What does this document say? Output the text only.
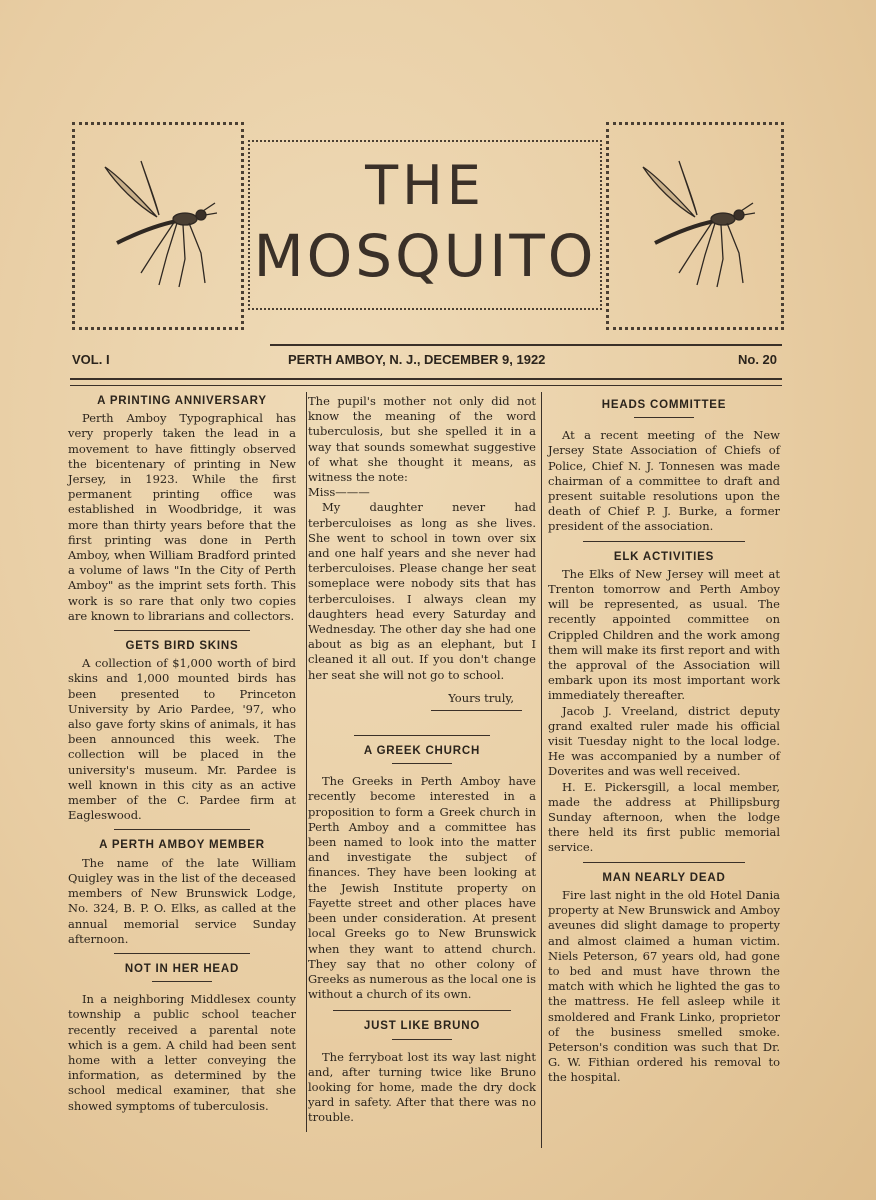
THE
MOSQUITO
VOL. I	PERTH AMBOY, N. J., DECEMBER 9, 1922	No. 20
A PRINTING ANNIVERSARY

Perth Amboy Typographical has very properly taken the lead in a movement to have fittingly observed the bicentenary of printing in New Jersey, in 1923. While the first permanent printing office was established in Woodbridge, it was more than thirty years before that the first printing was done in Perth Amboy, when William Bradford printed a volume of laws "In the City of Perth Amboy" as the imprint sets forth. This work is so rare that only two copies are known to librarians and collectors.

GETS BIRD SKINS

A collection of $1,000 worth of bird skins and 1,000 mounted birds has been presented to Princeton University by Ario Pardee, '97, who also gave forty skins of animals, it has been announced this week. The collection will be placed in the university's museum. Mr. Pardee is well known in this city as an active member of the C. Pardee firm at Eagleswood.

A PERTH AMBOY MEMBER

The name of the late William Quigley was in the list of the deceased members of New Brunswick Lodge, No. 324, B. P. O. Elks, as called at the annual memorial service Sunday afternoon.

NOT IN HER HEAD

In a neighboring Middlesex county township a public school teacher recently received a parental note which is a gem. A child had been sent home with a letter conveying the information, as determined by the school medical examiner, that she showed symptoms of tuberculosis.

The pupil's mother not only did not know the meaning of the word tuberculosis, but she spelled it in a way that sounds somewhat suggestive of what she thought it means, as witness the note:

Miss———

My daughter never had terberculoises as long as she lives. She went to school in town over six and one half years and she never had terberculoises. Please change her seat someplace were nobody sits that has terberculoises. I always clean my daughters head every Saturday and Wednesday. The other day she had one about as big as an elephant, but I cleaned it all out. If you don't change her seat she will not go to school.

Yours truly,
A GREEK CHURCH

The Greeks in Perth Amboy have recently become interested in a proposition to form a Greek church in Perth Amboy and a committee has been named to look into the matter and investigate the subject of finances. They have been looking at the Jewish Institute property on Fayette street and other places have been under consideration. At present local Greeks go to New Brunswick when they want to attend church. They say that no other colony of Greeks as numerous as the local one is without a church of its own.

JUST LIKE BRUNO

The ferryboat lost its way last night and, after turning twice like Bruno looking for home, made the dry dock yard in safety. After that there was no trouble.

HEADS COMMITTEE

At a recent meeting of the New Jersey State Association of Chiefs of Police, Chief N. J. Tonnesen was made chairman of a committee to draft and present suitable resolutions upon the death of Chief P. J. Burke, a former president of the association.

ELK ACTIVITIES

The Elks of New Jersey will meet at Trenton tomorrow and Perth Amboy will be represented, as usual. The recently appointed committee on Crippled Children and the work among them will make its first report and with the approval of the Association will embark upon its most important work immediately thereafter.

Jacob J. Vreeland, district deputy grand exalted ruler made his official visit Tuesday night to the local lodge. He was accompanied by a number of Doverites and was well received.

H. E. Pickersgill, a local member, made the address at Phillipsburg Sunday afternoon, when the lodge there held its first public memorial service.

MAN NEARLY DEAD

Fire last night in the old Hotel Dania property at New Brunswick and Amboy aveunes did slight damage to property and almost claimed a human victim. Niels Peterson, 67 years old, had gone to bed and must have thrown the match with which he lighted the gas to the mattress. He fell asleep while it smoldered and Frank Linko, proprietor of the business smelled smoke. Peterson's condition was such that Dr. G. W. Fithian ordered his removal to the hospital.
